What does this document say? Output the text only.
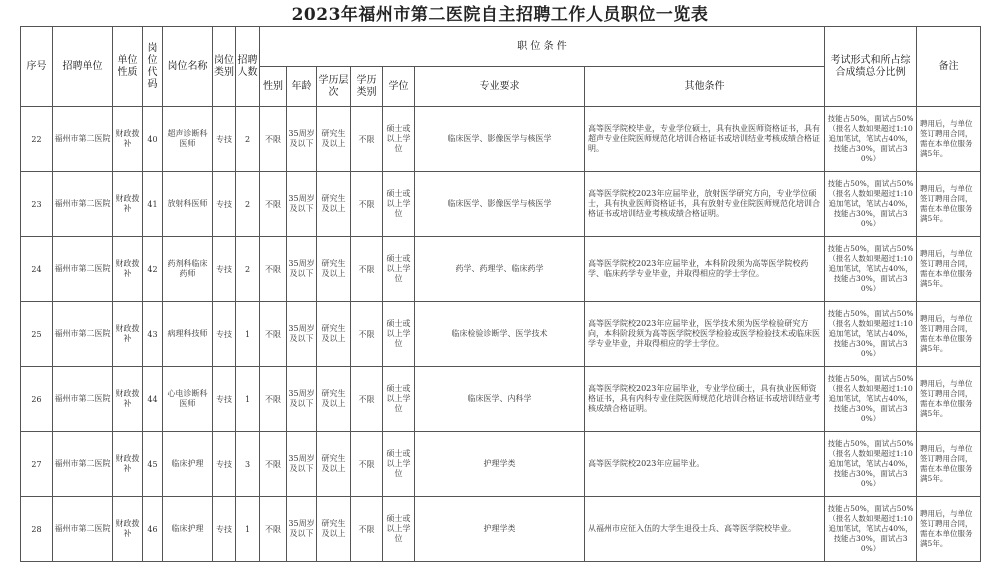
2023年福州市第二医院自主招聘工作人员职位一览表
序号	招聘单位	单位性质	岗位代码	岗位名称	岗位类别	招聘人数	职 位 条 件							考试形式和所占综合成绩总分比例	备注
							性别	年龄	学历层次	学历类别	学位	专业要求	其他条件		
22	福州市第二医院	财政拨补	40	超声诊断科医师	专技	2	不限	35周岁及以下	研究生及以上	不限	硕士或以上学位	临床医学、影像医学与核医学	高等医学院校毕业，专业学位硕士，具有执业医师资格证书，具有超声专业住院医师规范化培训合格证书或培训结业考核成绩合格证明。	技能占50%，面试占50%（报名人数如果超过1:10追加笔试，笔试占40%，技能占30%，面试占30%）	聘用后，与单位签订聘用合同，需在本单位服务满5年。
23	福州市第二医院	财政拨补	41	放射科医师	专技	2	不限	35周岁及以下	研究生及以上	不限	硕士或以上学位	临床医学、影像医学与核医学	高等医学院校2023年应届毕业，放射医学研究方向，专业学位硕士，具有执业医师资格证书，具有放射专业住院医师规范化培训合格证书或培训结业考核成绩合格证明。	技能占50%，面试占50%（报名人数如果超过1:10追加笔试，笔试占40%，技能占30%，面试占30%）	聘用后，与单位签订聘用合同，需在本单位服务满5年。
24	福州市第二医院	财政拨补	42	药剂科临床药师	专技	2	不限	35周岁及以下	研究生及以上	不限	硕士或以上学位	药学、药理学、临床药学	高等医学院校2023年应届毕业，本科阶段须为高等医学院校药学、临床药学专业毕业，并取得相应的学士学位。	技能占50%，面试占50%（报名人数如果超过1:10追加笔试，笔试占40%，技能占30%，面试占30%）	聘用后，与单位签订聘用合同，需在本单位服务满5年。
25	福州市第二医院	财政拨补	43	病理科技师	专技	1	不限	35周岁及以下	研究生及以上	不限	硕士或以上学位	临床检验诊断学、医学技术	高等医学院校2023年应届毕业，医学技术须为医学检验研究方向，本科阶段须为高等医学院校医学检验或医学检验技术或临床医学专业毕业，并取得相应的学士学位。	技能占50%，面试占50%（报名人数如果超过1:10追加笔试，笔试占40%，技能占30%，面试占30%）	聘用后，与单位签订聘用合同，需在本单位服务满5年。
26	福州市第二医院	财政拨补	44	心电诊断科医师	专技	1	不限	35周岁及以下	研究生及以上	不限	硕士或以上学位	临床医学、内科学	高等医学院校2023年应届毕业，专业学位硕士，具有执业医师资格证书，具有内科专业住院医师规范化培训合格证书或培训结业考核成绩合格证明。	技能占50%，面试占50%（报名人数如果超过1:10追加笔试，笔试占40%，技能占30%，面试占30%）	聘用后，与单位签订聘用合同，需在本单位服务满5年。
27	福州市第二医院	财政拨补	45	临床护理	专技	3	不限	35周岁及以下	研究生及以上	不限	硕士或以上学位	护理学类	高等医学院校2023年应届毕业。	技能占50%，面试占50%（报名人数如果超过1:10追加笔试，笔试占40%，技能占30%，面试占30%）	聘用后，与单位签订聘用合同，需在本单位服务满5年。
28	福州市第二医院	财政拨补	46	临床护理	专技	1	不限	35周岁及以下	研究生及以上	不限	硕士或以上学位	护理学类	从福州市应征入伍的大学生退役士兵、高等医学院校毕业。	技能占50%，面试占50%（报名人数如果超过1:10追加笔试，笔试占40%，技能占30%，面试占30%）	聘用后，与单位签订聘用合同，需在本单位服务满5年。
